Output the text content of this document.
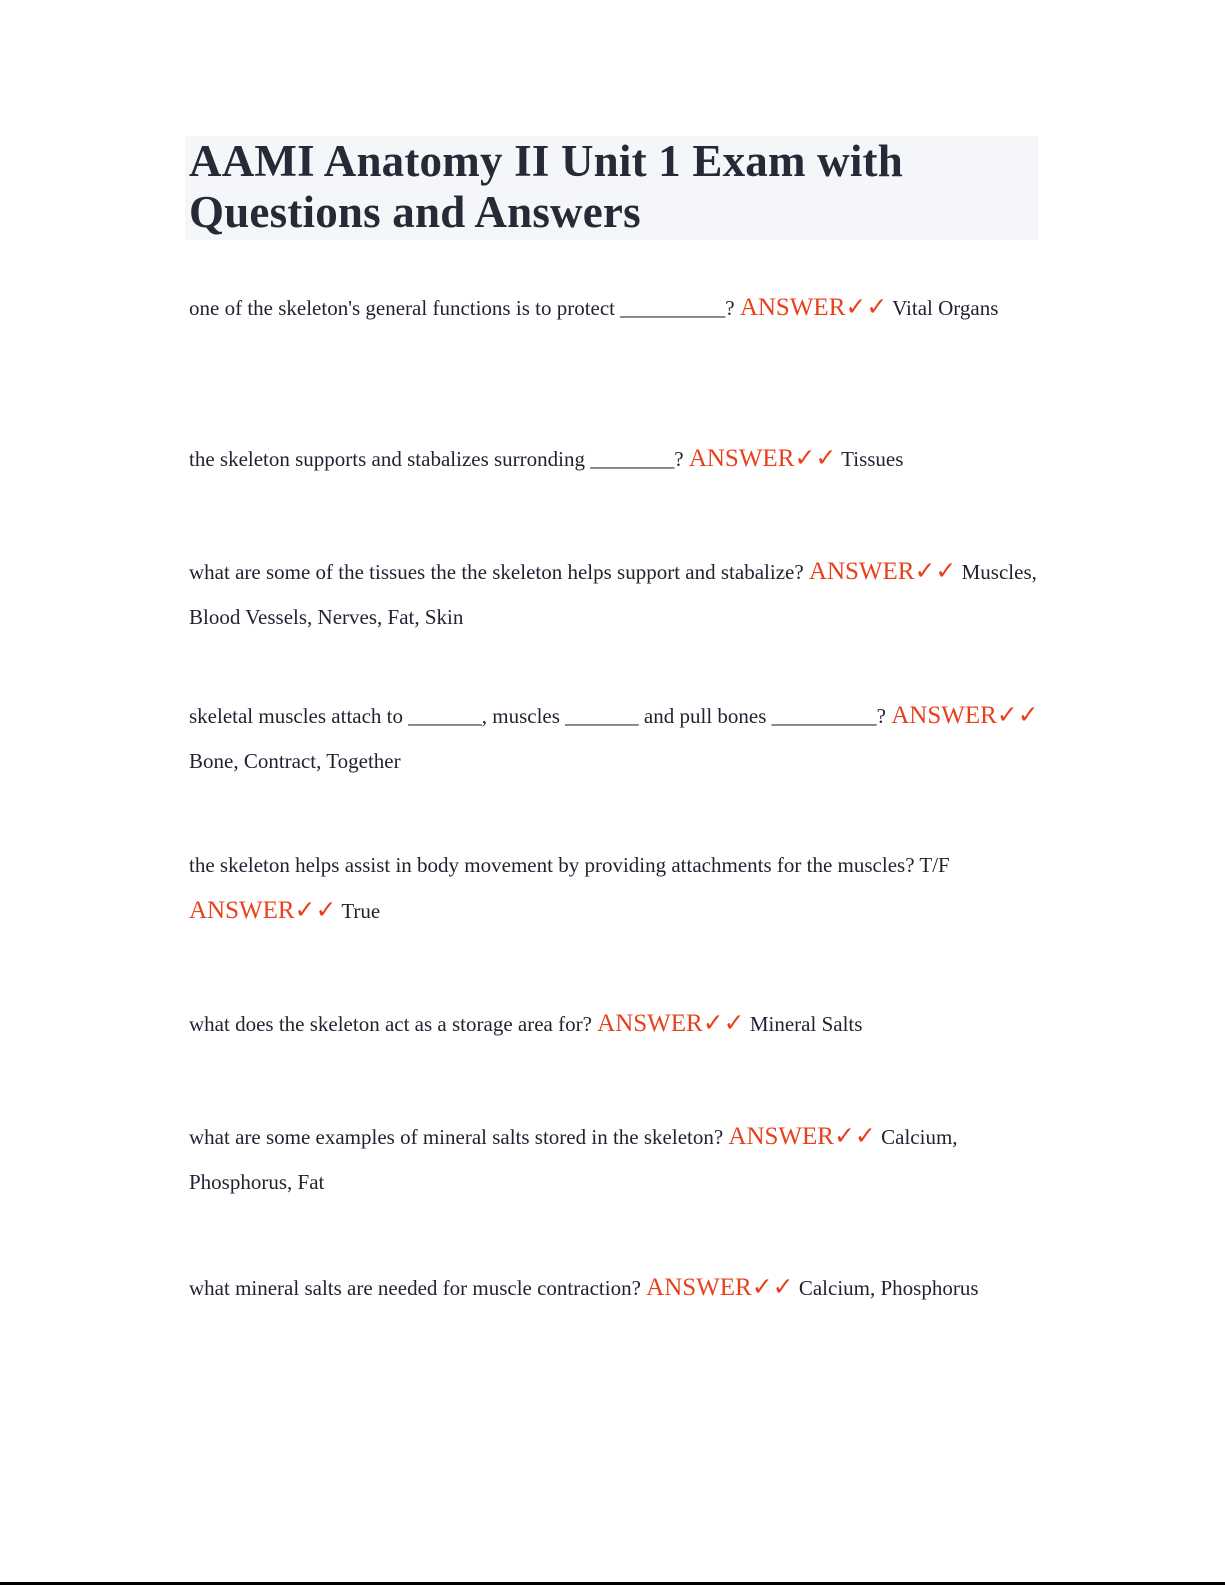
AAMI Anatomy II Unit 1 Exam with
Questions and Answers

one of the skeleton's general functions is to protect __________? ANSWER✓✓ Vital Organs

the skeleton supports and stabalizes surronding ________? ANSWER✓✓ Tissues

what are some of the tissues the the skeleton helps support and stabalize? ANSWER✓✓ Muscles, Blood Vessels, Nerves, Fat, Skin

skeletal muscles attach to _______, muscles _______ and pull bones __________? ANSWER✓✓ Bone, Contract, Together

the skeleton helps assist in body movement by providing attachments for the muscles? T/F ANSWER✓✓ True

what does the skeleton act as a storage area for? ANSWER✓✓ Mineral Salts

what are some examples of mineral salts stored in the skeleton? ANSWER✓✓ Calcium, Phosphorus, Fat

what mineral salts are needed for muscle contraction? ANSWER✓✓ Calcium, Phosphorus
